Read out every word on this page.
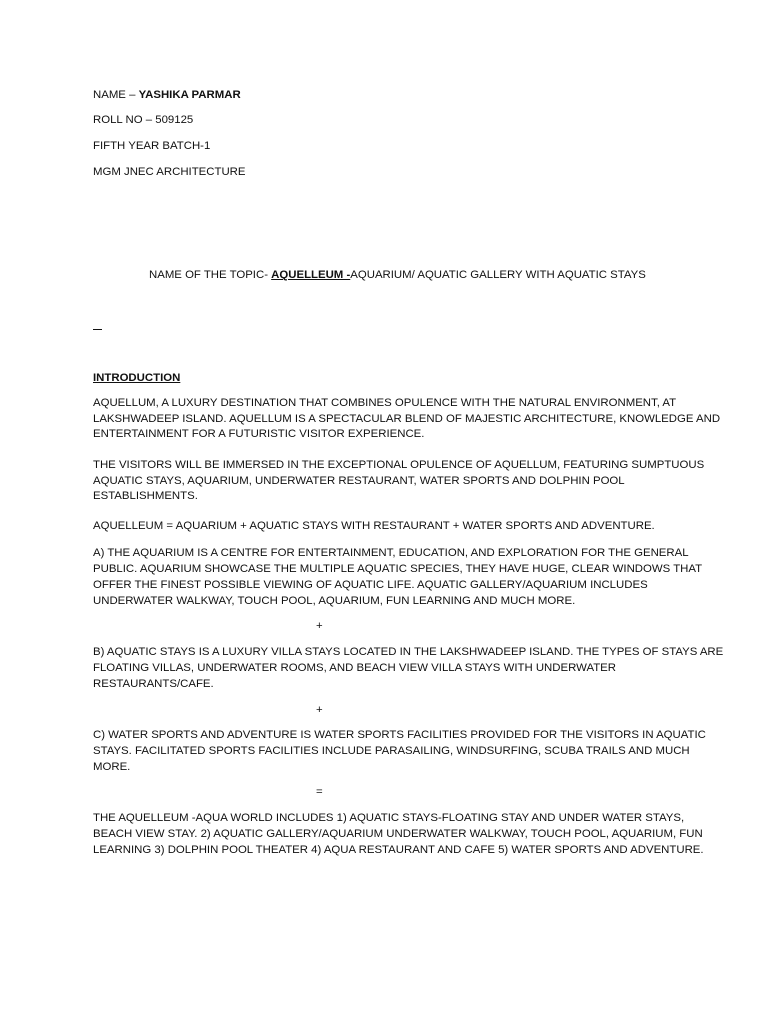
NAME – YASHIKA PARMAR
ROLL NO – 509125
FIFTH YEAR BATCH-1
MGM JNEC ARCHITECTURE
NAME OF THE TOPIC- AQUELLEUM -AQUARIUM/ AQUATIC GALLERY WITH AQUATIC STAYS
INTRODUCTION
AQUELLUM, A LUXURY DESTINATION THAT COMBINES OPULENCE WITH THE NATURAL ENVIRONMENT, AT
LAKSHWADEEP ISLAND. AQUELLUM IS A SPECTACULAR BLEND OF MAJESTIC ARCHITECTURE, KNOWLEDGE AND
ENTERTAINMENT FOR A FUTURISTIC VISITOR EXPERIENCE.
THE VISITORS WILL BE IMMERSED IN THE EXCEPTIONAL OPULENCE OF AQUELLUM, FEATURING SUMPTUOUS
AQUATIC STAYS, AQUARIUM, UNDERWATER RESTAURANT, WATER SPORTS AND DOLPHIN POOL
ESTABLISHMENTS.
AQUELLEUM = AQUARIUM + AQUATIC STAYS WITH RESTAURANT + WATER SPORTS AND ADVENTURE.
A) THE AQUARIUM IS A CENTRE FOR ENTERTAINMENT, EDUCATION, AND EXPLORATION FOR THE GENERAL
PUBLIC. AQUARIUM SHOWCASE THE MULTIPLE AQUATIC SPECIES, THEY HAVE HUGE, CLEAR WINDOWS THAT
OFFER THE FINEST POSSIBLE VIEWING OF AQUATIC LIFE. AQUATIC GALLERY/AQUARIUM INCLUDES
UNDERWATER WALKWAY, TOUCH POOL, AQUARIUM, FUN LEARNING AND MUCH MORE.
+
B) AQUATIC STAYS IS A LUXURY VILLA STAYS LOCATED IN THE LAKSHWADEEP ISLAND. THE TYPES OF STAYS ARE
FLOATING VILLAS, UNDERWATER ROOMS, AND BEACH VIEW VILLA STAYS WITH UNDERWATER
RESTAURANTS/CAFE.
+
C) WATER SPORTS AND ADVENTURE IS WATER SPORTS FACILITIES PROVIDED FOR THE VISITORS IN AQUATIC
STAYS. FACILITATED SPORTS FACILITIES INCLUDE PARASAILING, WINDSURFING, SCUBA TRAILS AND MUCH
MORE.
=
THE AQUELLEUM -AQUA WORLD INCLUDES 1) AQUATIC STAYS-FLOATING STAY AND UNDER WATER STAYS,
BEACH VIEW STAY. 2) AQUATIC GALLERY/AQUARIUM UNDERWATER WALKWAY, TOUCH POOL, AQUARIUM, FUN
LEARNING 3) DOLPHIN POOL THEATER 4) AQUA RESTAURANT AND CAFE 5) WATER SPORTS AND ADVENTURE.
